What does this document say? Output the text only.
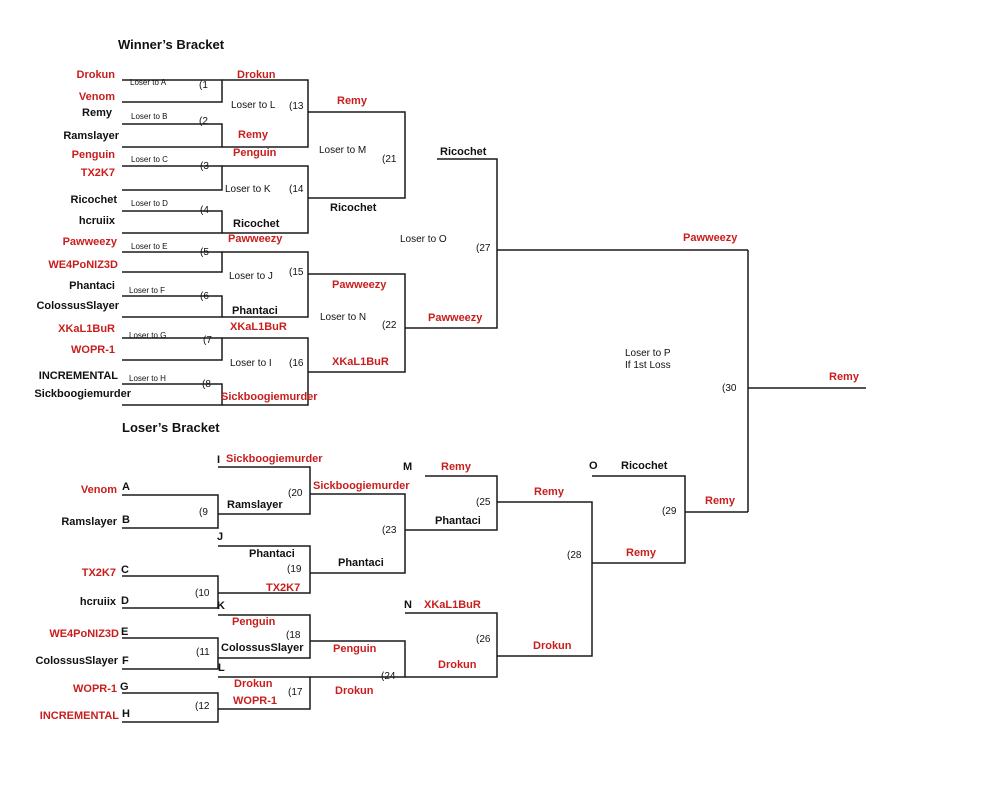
Winner’s Bracket
Loser’s Bracket
Drokun
Venom
Remy
Ramslayer
Penguin
TX2K7
Ricochet
hcruiix
Pawweezy
WE4PoNIZ3D
Phantaci
ColossusSlayer
XKaL1BuR
WOPR-1
INCREMENTAL
Sickboogiemurder
Loser to A
Loser to B
Loser to C
Loser to D
Loser to E
Loser to F
Loser to G
Loser to H
(1
(2
(3
(4
(5
(6
(7
(8
Drokun
Remy
Penguin
Ricochet
Pawweezy
Phantaci
XKaL1BuR
Sickboogiemurder
Loser to L
Loser to K
Loser to J
Loser to I
(13
(14
(15
(16
Remy
Ricochet
Pawweezy
XKaL1BuR
Loser to M
Loser to N
(21
(22
Ricochet
Pawweezy
Loser to O
(27
Pawweezy
Loser to P
If 1st Loss
(30
Remy
Venom
Ramslayer
TX2K7
hcruiix
WE4PoNIZ3D
ColossusSlayer
WOPR-1
INCREMENTAL
A
B
C
D
E
F
G
H
(9
(10
(11
(12
I Sickboogiemurder
Ramslayer
(20
J
Phantaci
(19
TX2K7
K
Penguin
(18
ColossusSlayer
L
Drokun
(17
WOPR-1
Sickboogiemurder
Phantaci
(23
Penguin
Drokun
(24
M	Remy
(25
Phantaci
N XKaL1BuR
(26
Drokun
Remy
(28
Drokun
O Ricochet
(29
Remy
Remy
